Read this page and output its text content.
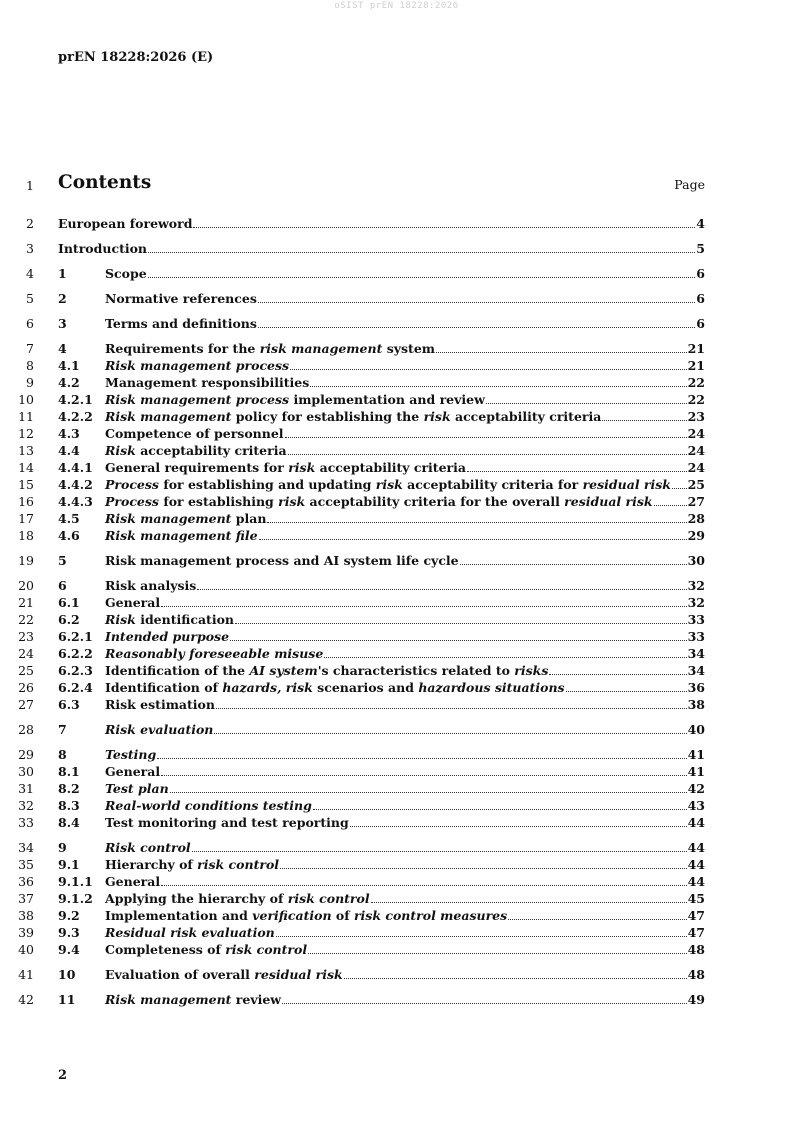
oSIST prEN 18228:2026
prEN 18228:2026 (E)
1 Contents	Page
2 European foreword	4
3 Introduction	5
4 1	Scope	6
5 2	Normative references	6
6 3	Terms and definitions	6
7 4	Requirements for the risk management system	21
8 4.1 Risk management process	21
9 4.2 Management responsibilities	22
10 4.2.1 Risk management process implementation and review	22
11 4.2.2 Risk management policy for establishing the risk acceptability criteria	23
12 4.3 Competence of personnel	24
13 4.4 Risk acceptability criteria	24
14 4.4.1 General requirements for risk acceptability criteria	24
15 4.4.2 Process for establishing and updating risk acceptability criteria for residual risk 25
16 4.4.3 Process for establishing risk acceptability criteria for the overall residual risk	27
17 4.5 Risk management plan	28
18 4.6 Risk management file	29
19 5	Risk management process and AI system life cycle	30
20 6	Risk analysis	32
21 6.1 General	32
22 6.2 Risk identification	33
23 6.2.1 Intended purpose	33
24 6.2.2 Reasonably foreseeable misuse	34
25 6.2.3 Identification of the AI system's characteristics related to risks	34
26 6.2.4 Identification of hazards, risk scenarios and hazardous situations	36
27 6.3 Risk estimation	38
28 7	Risk evaluation	40
29 8	Testing	41
30 8.1 General	41
31 8.2 Test plan	42
32 8.3 Real-world conditions testing	43
33 8.4 Test monitoring and test reporting	44
34 9	Risk control	44
35 9.1 Hierarchy of risk control	44
36 9.1.1 General	44
37 9.1.2 Applying the hierarchy of risk control	45
38 9.2 Implementation and verification of risk control measures	47
39 9.3 Residual risk evaluation	47
40 9.4 Completeness of risk control	48
41 10 Evaluation of overall residual risk	48
42 11 Risk management review	49
2
